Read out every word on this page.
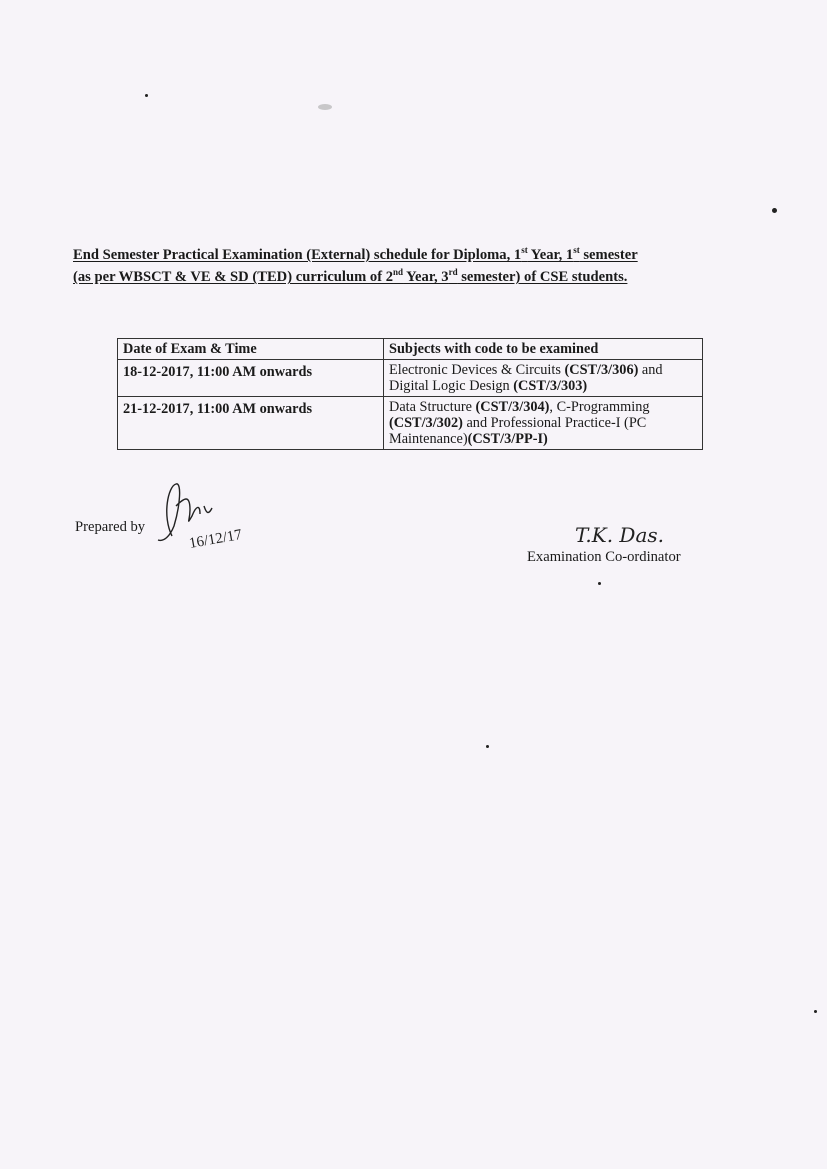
End Semester Practical Examination (External) schedule for Diploma, 1st Year, 1st semester
(as per WBSCT & VE & SD (TED) curriculum of 2nd Year, 3rd semester) of CSE students.
Date of Exam & Time	Subjects with code to be examined
18-12-2017, 11:00 AM onwards	Electronic Devices & Circuits (CST/3/306) and Digital Logic Design (CST/3/303)
21-12-2017, 11:00 AM onwards	Data Structure (CST/3/304), C-Programming (CST/3/302) and Professional Practice-I (PC Maintenance)(CST/3/PP-I)
Prepared by	16/12/17	T.K. Das.
Examination Co-ordinator
